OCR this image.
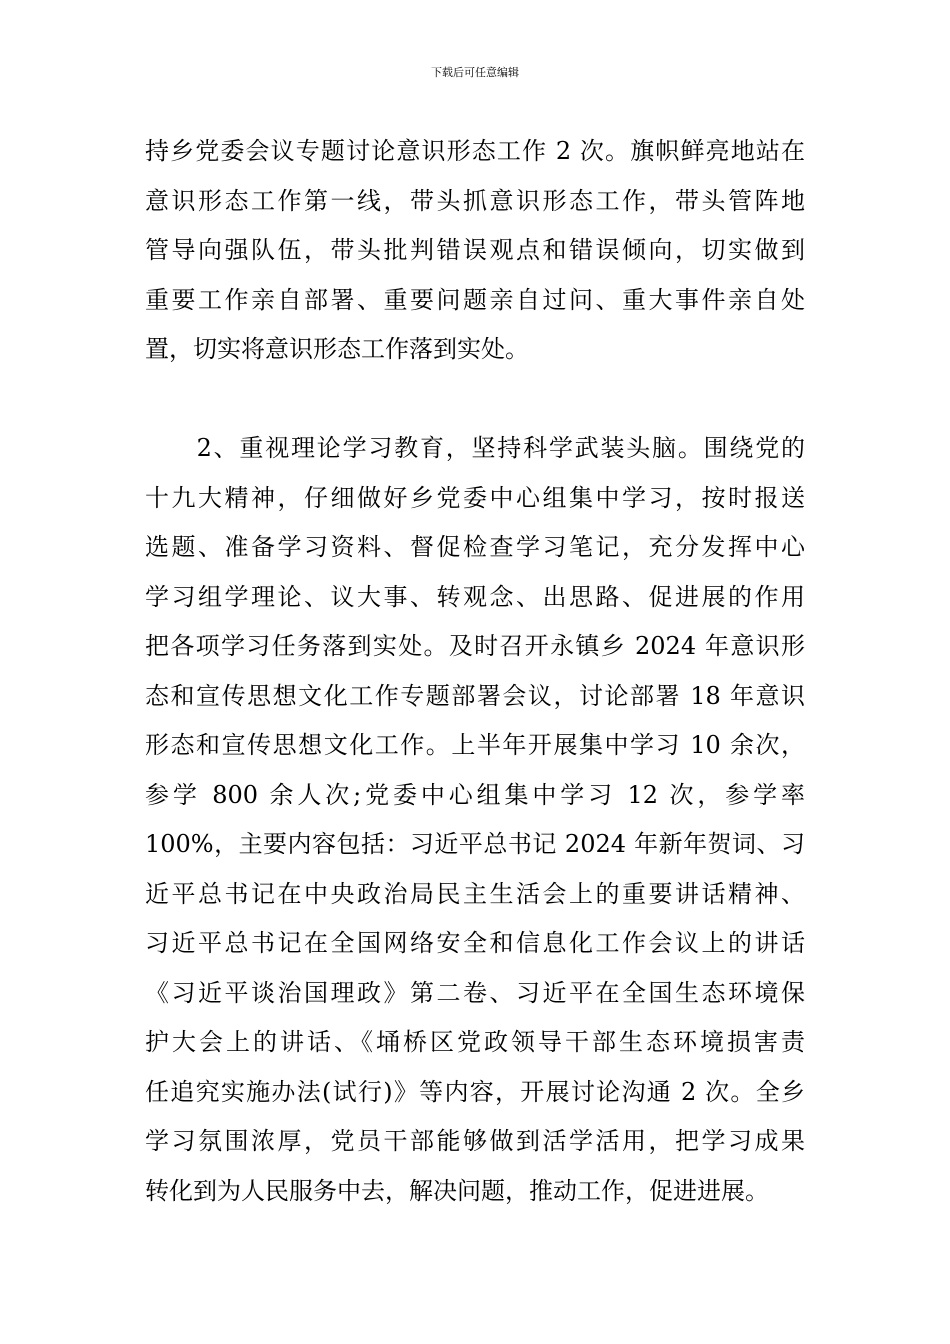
下载后可任意编辑
持乡党委会议专题讨论意识形态工作 2 次。旗帜鲜亮地站在
意识形态工作第一线，带头抓意识形态工作，带头管阵地
管导向强队伍，带头批判错误观点和错误倾向，切实做到
重要工作亲自部署、重要问题亲自过问、重大事件亲自处
置，切实将意识形态工作落到实处。
　　2、重视理论学习教育，坚持科学武装头脑。围绕党的
十九大精神，仔细做好乡党委中心组集中学习，按时报送
选题、准备学习资料、督促检查学习笔记，充分发挥中心
学习组学理论、议大事、转观念、出思路、促进展的作用
把各项学习任务落到实处。及时召开永镇乡 2024 年意识形
态和宣传思想文化工作专题部署会议，讨论部署 18 年意识
形态和宣传思想文化工作。上半年开展集中学习 10 余次，
参学 800 余人次;党委中心组集中学习 12 次，参学率
100%，主要内容包括：习近平总书记 2024 年新年贺词、习
近平总书记在中央政治局民主生活会上的重要讲话精神、
习近平总书记在全国网络安全和信息化工作会议上的讲话
《习近平谈治国理政》第二卷、习近平在全国生态环境保
护大会上的讲话、《埇桥区党政领导干部生态环境损害责
任追究实施办法(试行)》等内容，开展讨论沟通 2 次。全乡
学习氛围浓厚，党员干部能够做到活学活用，把学习成果
转化到为人民服务中去，解决问题，推动工作，促进进展。
